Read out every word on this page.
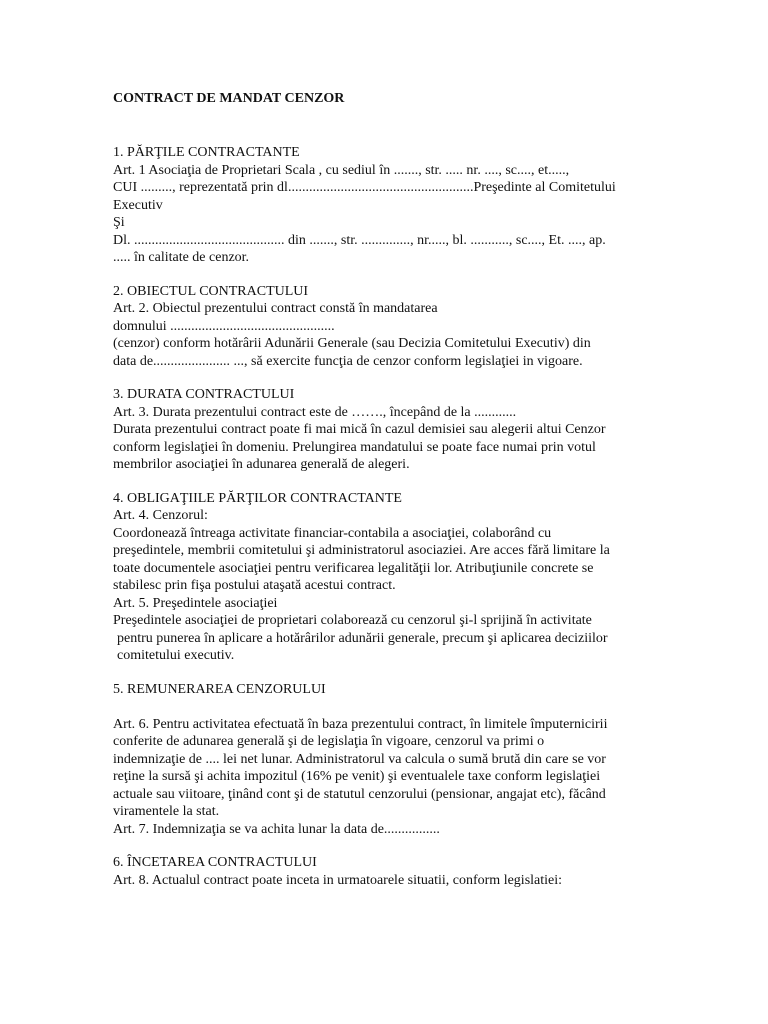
CONTRACT DE MANDAT CENZOR
1. PĂRŢILE CONTRACTANTE
Art. 1 Asociaţia de Proprietari Scala , cu sediul în ......., str. ..... nr. ...., sc...., et.....,
CUI ........., reprezentată prin dl.....................................................Preşedinte al Comitetului
Executiv
Şi
Dl. ........................................... din ......., str. .............., nr....., bl. ..........., sc...., Et. ...., ap.
..... în calitate de cenzor.
2. OBIECTUL CONTRACTULUI
Art. 2. Obiectul prezentului contract constă în mandatarea
domnului ...............................................
(cenzor) conform hotărârii Adunării Generale (sau Decizia Comitetului Executiv) din
data de...................... ..., să exercite funcţia de cenzor conform legislaţiei in vigoare.
3. DURATA CONTRACTULUI
Art. 3. Durata prezentului contract este de ……., începând de la ............
Durata prezentului contract poate fi mai mică în cazul demisiei sau alegerii altui Cenzor
conform legislaţiei în domeniu. Prelungirea mandatului se poate face numai prin votul
membrilor asociaţiei în adunarea generală de alegeri.
4. OBLIGAŢIILE PĂRŢILOR CONTRACTANTE
Art. 4. Cenzorul:
Coordonează întreaga activitate financiar-contabila a asociaţiei, colaborând cu
preşedintele, membrii comitetului şi administratorul asociaziei. Are acces fără limitare la
toate documentele asociaţiei pentru verificarea legalităţii lor. Atribuţiunile concrete se
stabilesc prin fişa postului ataşată acestui contract.
Art. 5. Preşedintele asociaţiei
Preşedintele asociaţiei de proprietari colaborează cu cenzorul şi-l sprijină în activitate
pentru punerea în aplicare a hotărârilor adunării generale, precum şi aplicarea deciziilor
comitetului executiv.
5. REMUNERAREA CENZORULUI
Art. 6. Pentru activitatea efectuată în baza prezentului contract, în limitele împuternicirii
conferite de adunarea generală şi de legislaţia în vigoare, cenzorul va primi o
indemnizaţie de .... lei net lunar. Administratorul va calcula o sumă brută din care se vor
reţine la sursă şi achita impozitul (16% pe venit) şi eventualele taxe conform legislaţiei
actuale sau viitoare, ţinând cont şi de statutul cenzorului (pensionar, angajat etc), făcând
viramentele la stat.
Art. 7. Indemnizaţia se va achita lunar la data de................
6. ÎNCETAREA CONTRACTULUI
Art. 8. Actualul contract poate inceta in urmatoarele situatii, conform legislatiei:
